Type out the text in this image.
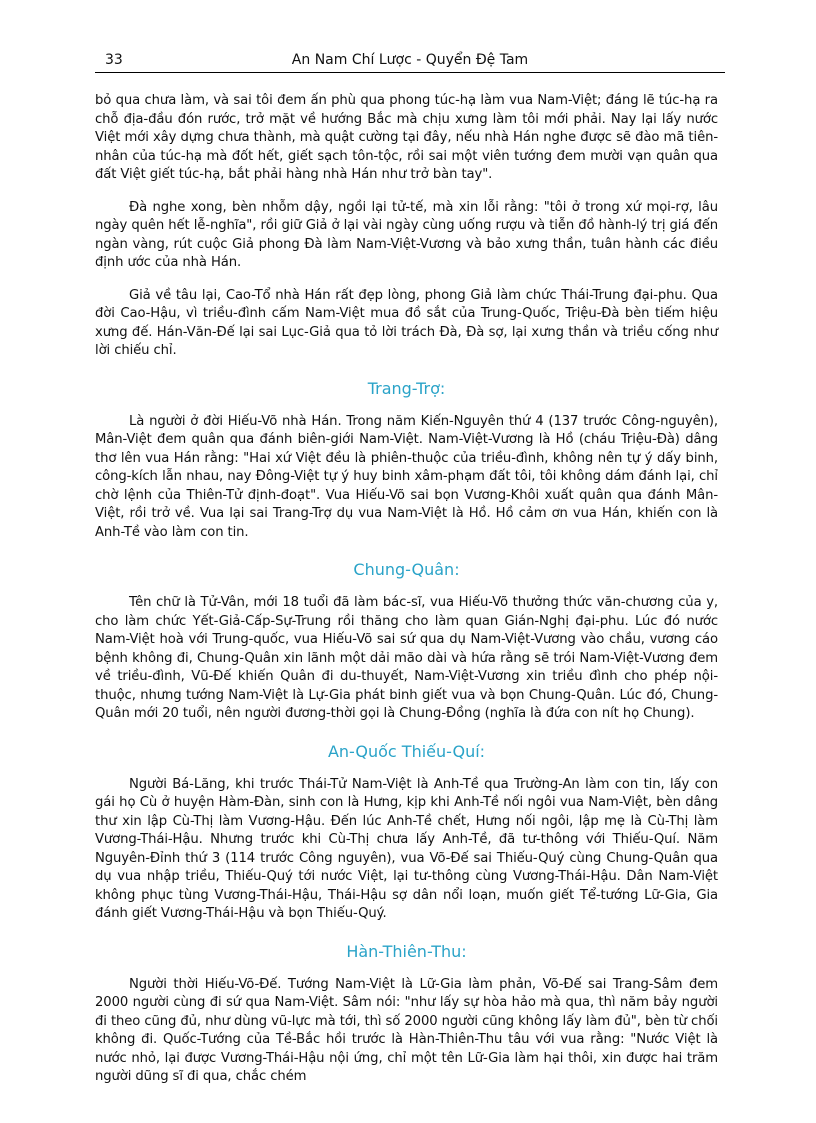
33	An Nam Chí Lược - Quyển Đệ Tam

bỏ qua chưa làm, và sai tôi đem ấn phù qua phong túc-hạ làm vua Nam-Việt; đáng lẽ túc-hạ ra chỗ địa-đầu đón rước, trở mặt về hướng Bắc mà chịu xưng làm tôi mới phải. Nay lại lấy nước Việt mới xây dựng chưa thành, mà quật cường tại đây, nếu nhà Hán nghe được sẽ đào mã tiên-nhân của túc-hạ mà đốt hết, giết sạch tôn-tộc, rồi sai một viên tướng đem mười vạn quân qua đất Việt giết túc-hạ, bắt phải hàng nhà Hán như trở bàn tay".

Đà nghe xong, bèn nhỗm dậy, ngồi lại tử-tế, mà xin lỗi rằng: "tôi ở trong xứ mọi-rợ, lâu ngày quên hết lễ-nghĩa", rồi giữ Giả ở lại vài ngày cùng uống rượu và tiễn đồ hành-lý trị giá đến ngàn vàng, rút cuộc Giả phong Đà làm Nam-Việt-Vương và bảo xưng thần, tuân hành các điều định ước của nhà Hán.

Giả về tâu lại, Cao-Tổ nhà Hán rất đẹp lòng, phong Giả làm chức Thái-Trung đại-phu. Qua đời Cao-Hậu, vì triều-đình cấm Nam-Việt mua đồ sắt của Trung-Quốc, Triệu-Đà bèn tiếm hiệu xưng đế. Hán-Văn-Đế lại sai Lục-Giả qua tỏ lời trách Đà, Đà sợ, lại xưng thần và triều cống như lời chiếu chỉ.

Trang-Trợ:

Là người ở đời Hiếu-Võ nhà Hán. Trong năm Kiến-Nguyên thứ 4 (137 trước Công-nguyên), Mân-Việt đem quân qua đánh biên-giới Nam-Việt. Nam-Việt-Vương là Hồ (cháu Triệu-Đà) dâng thơ lên vua Hán rằng: "Hai xứ Việt đều là phiên-thuộc của triều-đình, không nên tự ý dấy binh, công-kích lẫn nhau, nay Đông-Việt tự ý huy binh xâm-phạm đất tôi, tôi không dám đánh lại, chỉ chờ lệnh của Thiên-Tử định-đoạt". Vua Hiếu-Võ sai bọn Vương-Khôi xuất quân qua đánh Mân-Việt, rồi trở về. Vua lại sai Trang-Trợ dụ vua Nam-Việt là Hồ. Hồ cảm ơn vua Hán, khiến con là Anh-Tề vào làm con tin.

Chung-Quân:

Tên chữ là Tử-Vân, mới 18 tuổi đã làm bác-sĩ, vua Hiếu-Võ thưởng thức văn-chương của y, cho làm chức Yết-Giả-Cấp-Sự-Trung rồi thăng cho làm quan Gián-Nghị đại-phu. Lúc đó nước Nam-Việt hoà với Trung-quốc, vua Hiếu-Võ sai sứ qua dụ Nam-Việt-Vương vào chầu, vương cáo bệnh không đi, Chung-Quân xin lãnh một dải mão dài và hứa rằng sẽ trói Nam-Việt-Vương đem về triều-đình, Vũ-Đế khiến Quân đi du-thuyết, Nam-Việt-Vương xin triều đình cho phép nội-thuộc, nhưng tướng Nam-Việt là Lự-Gia phát binh giết vua và bọn Chung-Quân. Lúc đó, Chung-Quân mới 20 tuổi, nên người đương-thời gọi là Chung-Đồng (nghĩa là đứa con nít họ Chung).

An-Quốc Thiếu-Quí:

Người Bá-Lăng, khi trước Thái-Tử Nam-Việt là Anh-Tề qua Trường-An làm con tin, lấy con gái họ Cù ở huyện Hàm-Đàn, sinh con là Hưng, kịp khi Anh-Tề nối ngôi vua Nam-Việt, bèn dâng thư xin lập Cù-Thị làm Vương-Hậu. Đến lúc Anh-Tề chết, Hưng nối ngôi, lập mẹ là Cù-Thị làm Vương-Thái-Hậu. Nhưng trước khi Cù-Thị chưa lấy Anh-Tề, đã tư-thông với Thiếu-Quí. Năm Nguyên-Đỉnh thứ 3 (114 trước Công nguyên), vua Võ-Đế sai Thiếu-Quý cùng Chung-Quân qua dụ vua nhập triều, Thiếu-Quý tới nước Việt, lại tư-thông cùng Vương-Thái-Hậu. Dân Nam-Việt không phục tùng Vương-Thái-Hậu, Thái-Hậu sợ dân nổi loạn, muốn giết Tể-tướng Lữ-Gia, Gia đánh giết Vương-Thái-Hậu và bọn Thiếu-Quý.

Hàn-Thiên-Thu:

Người thời Hiếu-Võ-Đế. Tướng Nam-Việt là Lữ-Gia làm phản, Võ-Đế sai Trang-Sâm đem 2000 người cùng đi sứ qua Nam-Việt. Sâm nói: "như lấy sự hòa hảo mà qua, thì năm bảy người đi theo cũng đủ, như dùng vũ-lực mà tới, thì số 2000 người cũng không lấy làm đủ", bèn từ chối không đi. Quốc-Tướng của Tề-Bắc hồi trước là Hàn-Thiên-Thu tâu với vua rằng: "Nước Việt là nước nhỏ, lại được Vương-Thái-Hậu nội ứng, chỉ một tên Lữ-Gia làm hại thôi, xin được hai trăm người dũng sĩ đi qua, chắc chém
